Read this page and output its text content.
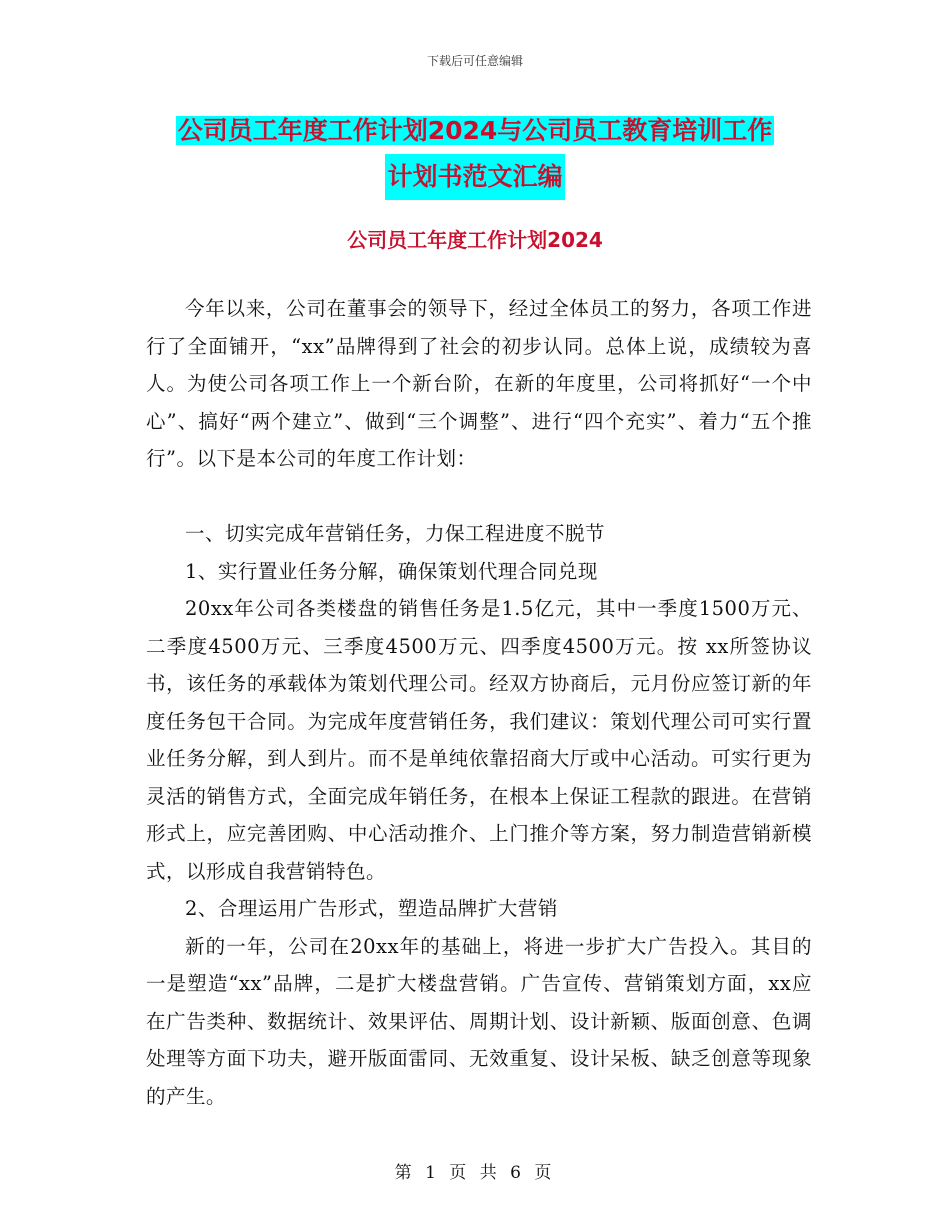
下载后可任意编辑
公司员工年度工作计划2024与公司员工教育培训工作
计划书范文汇编
公司员工年度工作计划2024

今年以来，公司在董事会的领导下，经过全体员工的努力，各项工作进行了全面铺开，“xx”品牌得到了社会的初步认同。总体上说，成绩较为喜人。为使公司各项工作上一个新台阶，在新的年度里，公司将抓好“一个中心”、搞好“两个建立”、做到“三个调整”、进行“四个充实”、着力“五个推行”。以下是本公司的年度工作计划：

一、切实完成年营销任务，力保工程进度不脱节

1、实行置业任务分解，确保策划代理合同兑现

20xx年公司各类楼盘的销售任务是1.5亿元，其中一季度1500万元、二季度4500万元、三季度4500万元、四季度4500万元。按 xx所签协议书，该任务的承载体为策划代理公司。经双方协商后，元月份应签订新的年度任务包干合同。为完成年度营销任务，我们建议：策划代理公司可实行置业任务分解，到人到片。而不是单纯依靠招商大厅或中心活动。可实行更为灵活的销售方式，全面完成年销任务，在根本上保证工程款的跟进。在营销形式上，应完善团购、中心活动推介、上门推介等方案，努力制造营销新模式，以形成自我营销特色。

2、合理运用广告形式，塑造品牌扩大营销

新的一年，公司在20xx年的基础上，将进一步扩大广告投入。其目的一是塑造“xx”品牌，二是扩大楼盘营销。广告宣传、营销策划方面，xx应在广告类种、数据统计、效果评估、周期计划、设计新颖、版面创意、色调处理等方面下功夫，避开版面雷同、无效重复、设计呆板、缺乏创意等现象的产生。

第 1 页 共 6 页
